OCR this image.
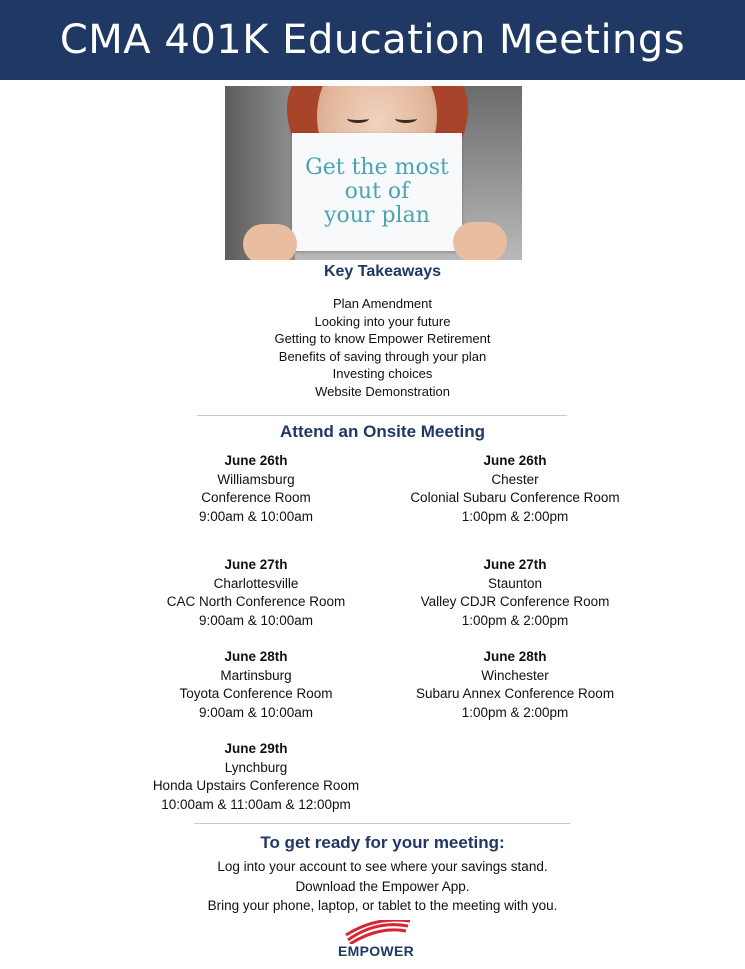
CMA 401K Education Meetings
Get the most
out of
your plan
Key Takeaways
Plan Amendment
Looking into your future
Getting to know Empower Retirement
Benefits of saving through your plan
Investing choices
Website Demonstration
Attend an Onsite Meeting
June 26th
Williamsburg
Conference Room
9:00am & 10:00am
June 26th
Chester
Colonial Subaru Conference Room
1:00pm & 2:00pm
June 27th
Charlottesville
CAC North Conference Room
9:00am & 10:00am
June 27th
Staunton
Valley CDJR Conference Room
1:00pm & 2:00pm
June 28th
Martinsburg
Toyota Conference Room
9:00am & 10:00am
June 28th
Winchester
Subaru Annex Conference Room
1:00pm & 2:00pm
June 29th
Lynchburg
Honda Upstairs Conference Room
10:00am & 11:00am & 12:00pm
To get ready for your meeting:
Log into your account to see where your savings stand.
Download the Empower App.
Bring your phone, laptop, or tablet to the meeting with you.
EMPOWER
